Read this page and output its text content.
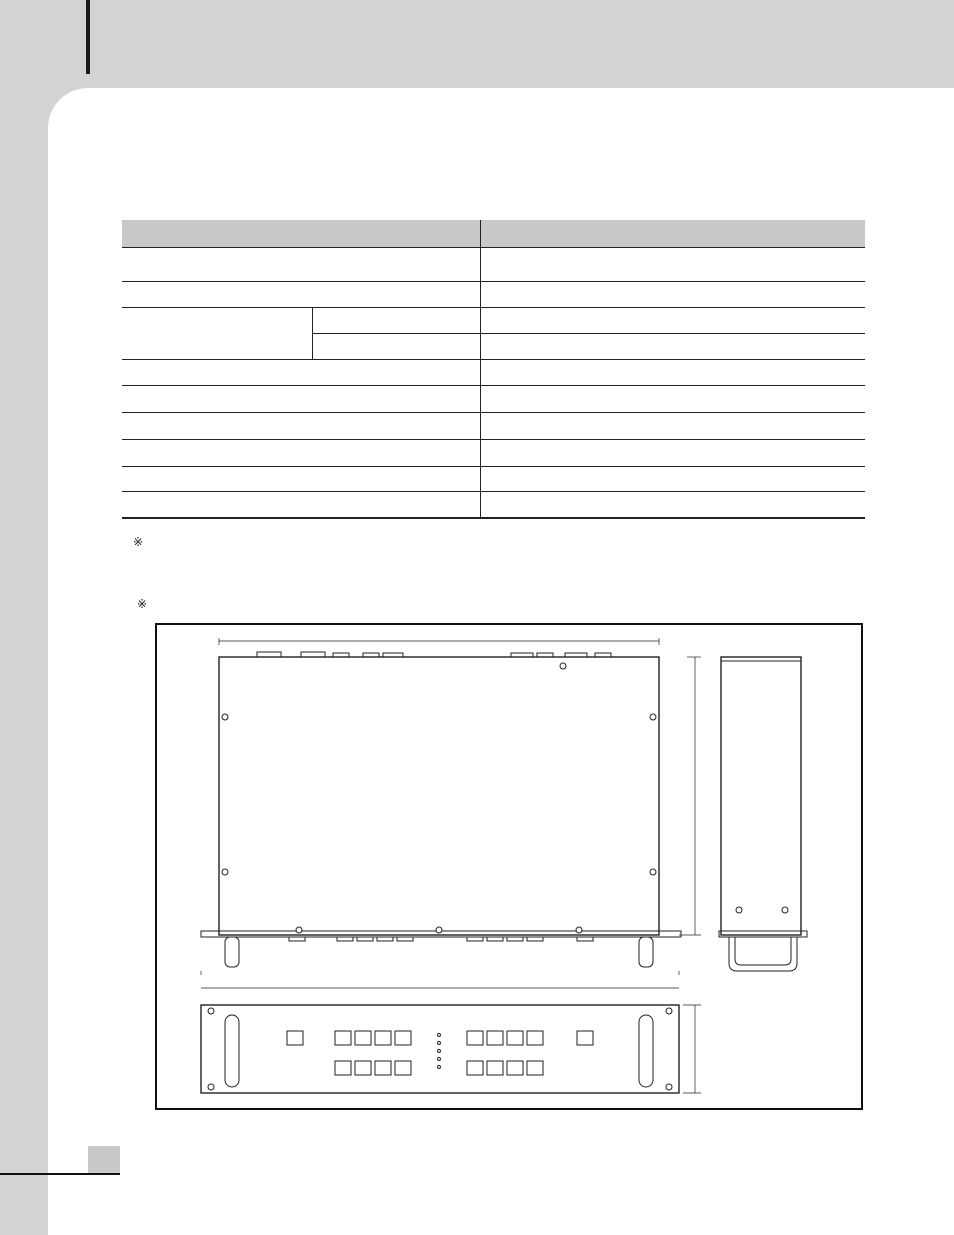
※
※
